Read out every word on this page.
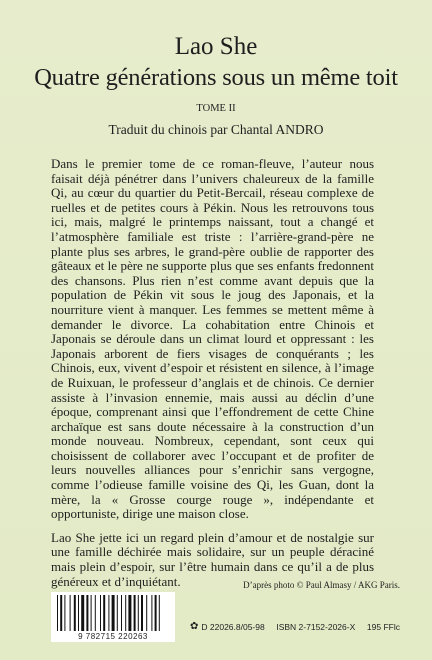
Lao She
Quatre générations sous un même toit
TOME II
Traduit du chinois par Chantal ANDRO

Dans le premier tome de ce roman-fleuve, l’auteur nous faisait déjà pénétrer dans l’univers chaleureux de la famille Qi, au cœur du quartier du Petit-Bercail, réseau complexe de ruelles et de petites cours à Pékin. Nous les retrouvons tous ici, mais, malgré le printemps naissant, tout a changé et l’atmosphère familiale est triste : l’arrière-grand-père ne plante plus ses arbres, le grand-père oublie de rapporter des gâteaux et le père ne supporte plus que ses enfants fredonnent des chansons. Plus rien n’est comme avant depuis que la population de Pékin vit sous le joug des Japonais, et la nourriture vient à manquer. Les femmes se mettent même à demander le divorce. La cohabitation entre Chinois et Japonais se déroule dans un climat lourd et oppressant : les Japonais arborent de fiers visages de conquérants ; les Chinois, eux, vivent d’espoir et résistent en silence, à l’image de Ruixuan, le professeur d’anglais et de chinois. Ce dernier assiste à l’invasion ennemie, mais aussi au déclin d’une époque, comprenant ainsi que l’effondrement de cette Chine archaïque est sans doute nécessaire à la construction d’un monde nouveau. Nombreux, cependant, sont ceux qui choisissent de collaborer avec l’occupant et de profiter de leurs nouvelles alliances pour s’enrichir sans vergogne, comme l’odieuse famille voisine des Qi, les Guan, dont la mère, la « Grosse courge rouge », indépendante et opportuniste, dirige une maison close.

Lao She jette ici un regard plein d’amour et de nostalgie sur une famille déchirée mais solidaire, sur un peuple déraciné mais plein d’espoir, sur l’être humain dans ce qu’il a de plus généreux et d’inquiétant.	D’après photo © Paul Almasy / AKG Paris.
9 782715 220263
✿ D 22026.8/05-98 ISBN 2-7152-2026-X 195 FFlc
